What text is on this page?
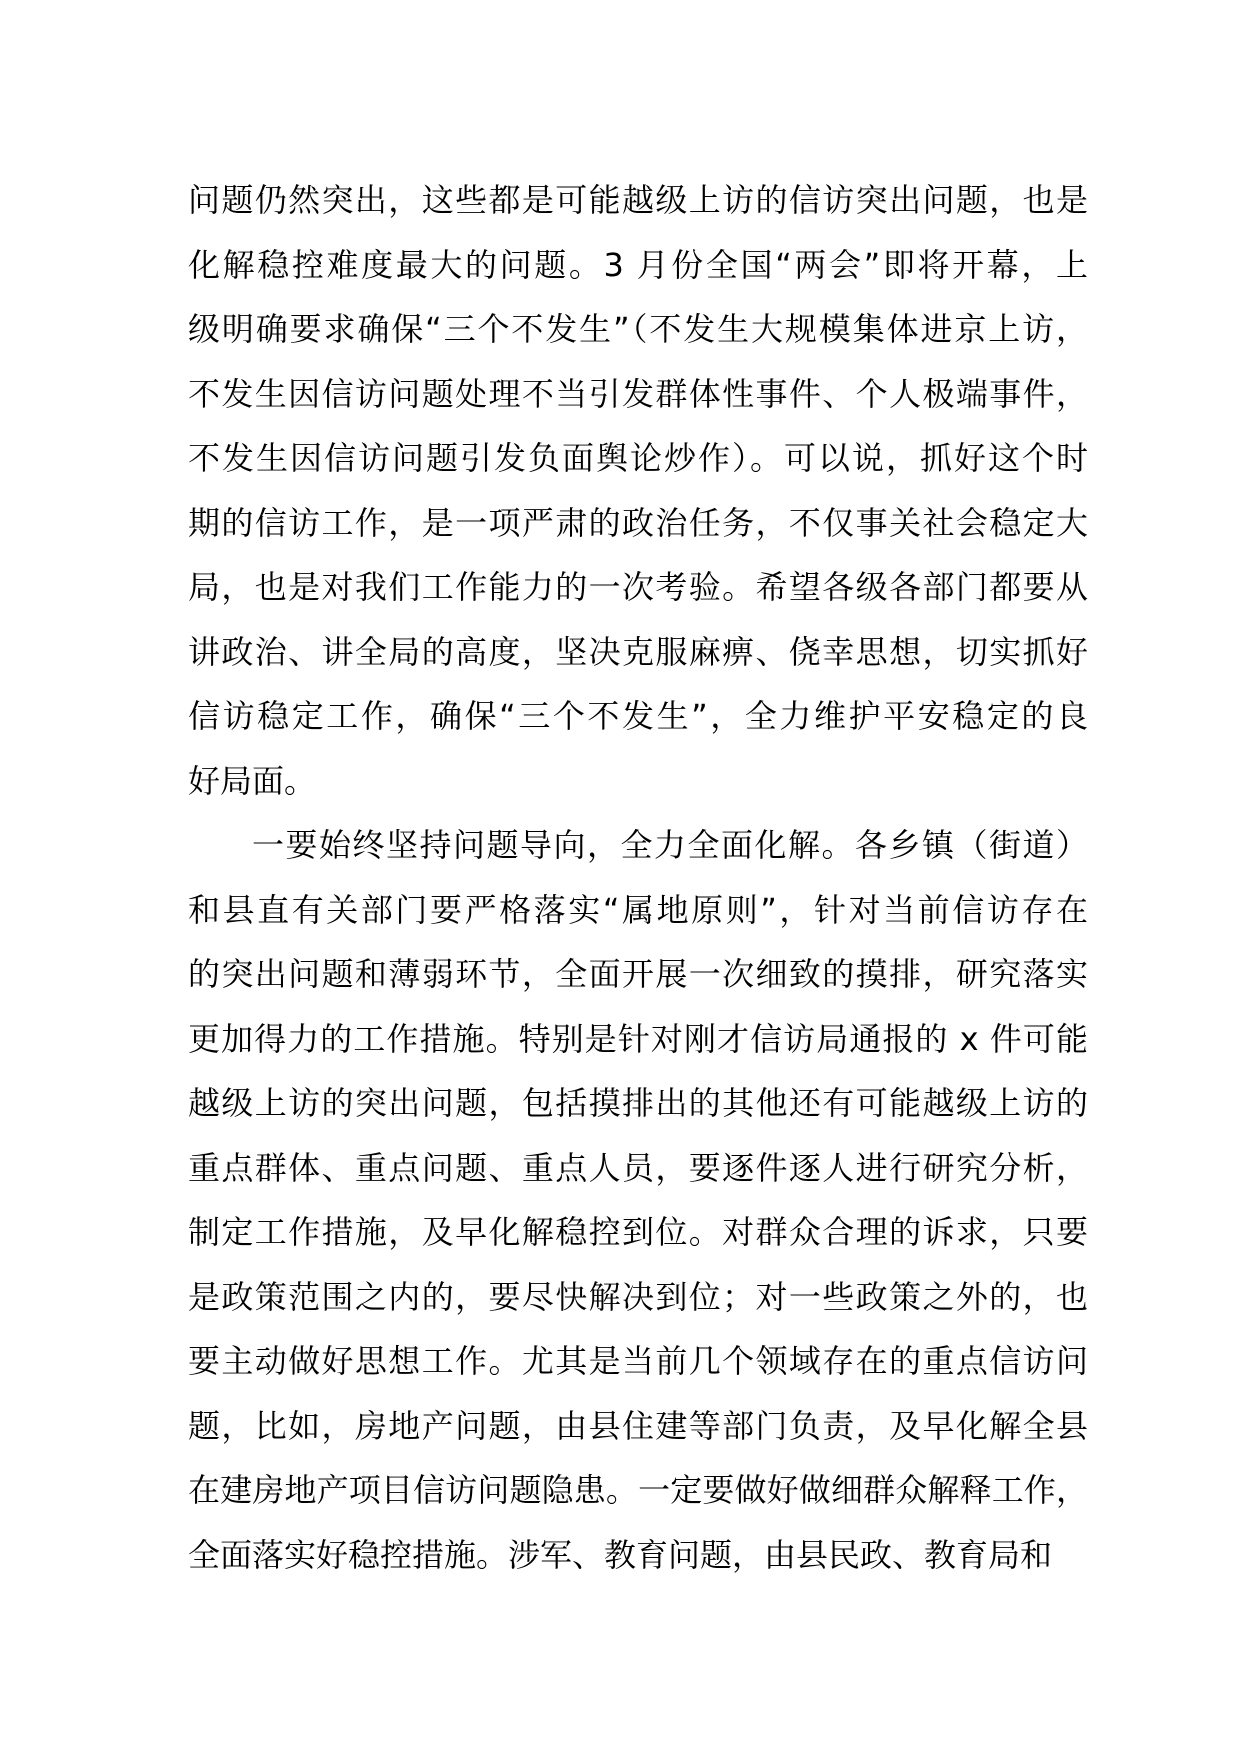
问题仍然突出，这些都是可能越级上访的信访突出问题，也是
化解稳控难度最大的问题。3 月份全国“两会”即将开幕，上
级明确要求确保“三个不发生”（不发生大规模集体进京上访，
不发生因信访问题处理不当引发群体性事件、个人极端事件，
不发生因信访问题引发负面舆论炒作）。可以说，抓好这个时
期的信访工作，是一项严肃的政治任务，不仅事关社会稳定大
局，也是对我们工作能力的一次考验。希望各级各部门都要从
讲政治、讲全局的高度，坚决克服麻痹、侥幸思想，切实抓好
信访稳定工作，确保“三个不发生”，全力维护平安稳定的良
好局面。
一要始终坚持问题导向，全力全面化解。各乡镇（街道）
和县直有关部门要严格落实“属地原则”，针对当前信访存在
的突出问题和薄弱环节，全面开展一次细致的摸排，研究落实
更加得力的工作措施。特别是针对刚才信访局通报的 x 件可能
越级上访的突出问题，包括摸排出的其他还有可能越级上访的
重点群体、重点问题、重点人员，要逐件逐人进行研究分析，
制定工作措施，及早化解稳控到位。对群众合理的诉求，只要
是政策范围之内的，要尽快解决到位；对一些政策之外的，也
要主动做好思想工作。尤其是当前几个领域存在的重点信访问
题，比如，房地产问题，由县住建等部门负责，及早化解全县
在建房地产项目信访问题隐患。一定要做好做细群众解释工作，
全面落实好稳控措施。涉军、教育问题，由县民政、教育局和
